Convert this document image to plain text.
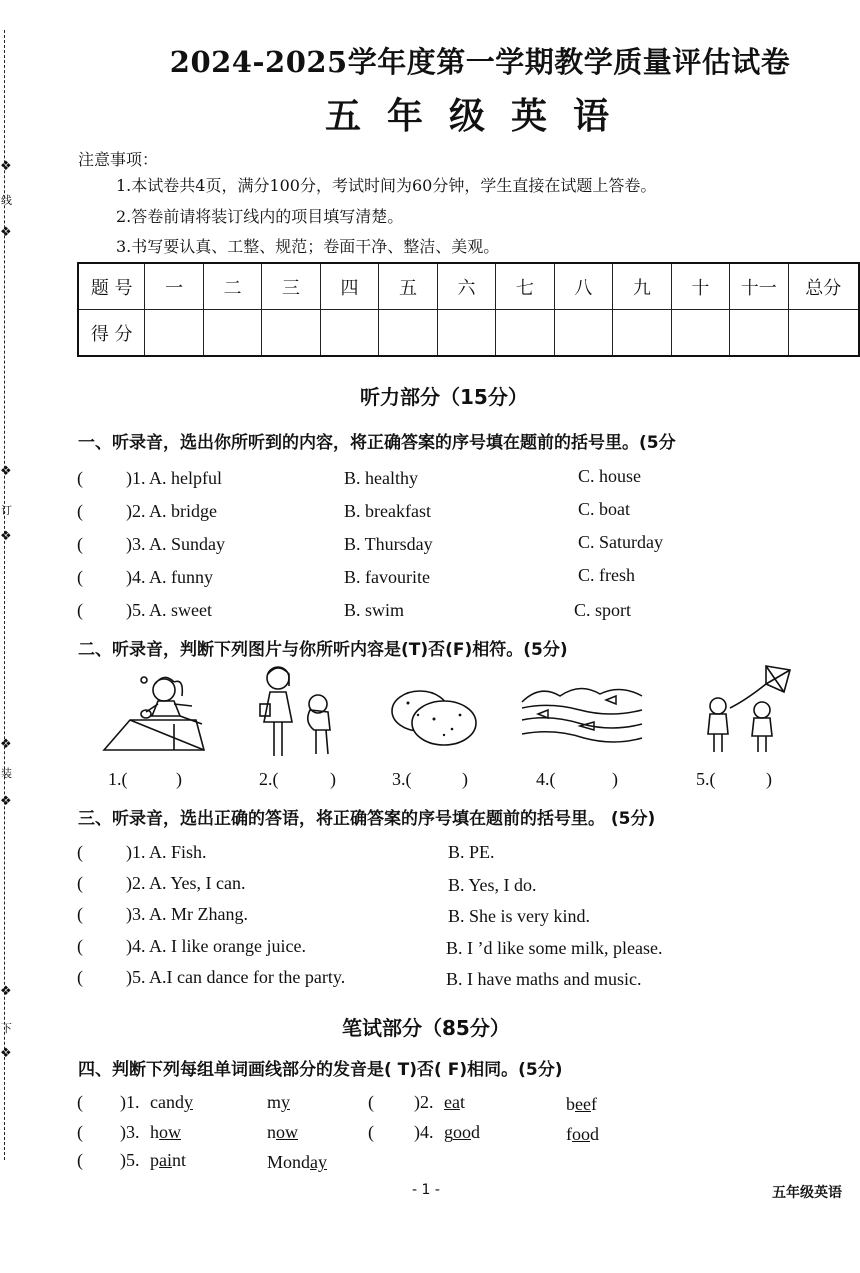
❖
线
❖
❖
订
❖
❖
装
❖
❖
下
❖
2024-2025学年度第一学期教学质量评估试卷
五年级英语
注意事项：
1.本试卷共4页，满分100分，考试时间为60分钟，学生直接在试题上答卷。
2.答卷前请将装订线内的项目填写清楚。
3.书写要认真、工整、规范；卷面干净、整洁、美观。
题 号	一	二	三	四	五	六	七	八	九	十	十一	总分
得 分												
听力部分（15分）
一、听录音，选出你所听到的内容，将正确答案的序号填在题前的括号里。(5分
( )1. A. helpful	B. healthy	C. house
( )2. A. bridge	B. breakfast	C. boat
( )3. A. Sunday	B. Thursday	C. Saturday
( )4. A. funny	B. favourite	C. fresh
( )5. A. sweet	B. swim	C. sport
二、听录音，判断下列图片与你所听内容是(T)否(F)相符。(5分)
1.(	)	2.(	)	3.(	)	4.(	)	5.(	)
三、听录音，选出正确的答语，将正确答案的序号填在题前的括号里。 (5分)
( )1. A. Fish.	B. PE.
( )2. A. Yes, I can.	B. Yes, I do.
( )3. A. Mr Zhang.	B. She is very kind.
( )4. A. I like orange juice.	B. I ’d like some milk, please.
( )5. A.I can dance for the party.	B. I have maths and music.
笔试部分（85分）
四、判断下列每组单词画线部分的发音是( T)否( F)相同。(5分)
( )1. candy	my	( )2. eat	beef
( )3. how	now	( )4. good	food
( )5. paint	Monday
- 1 -	五年级英语
